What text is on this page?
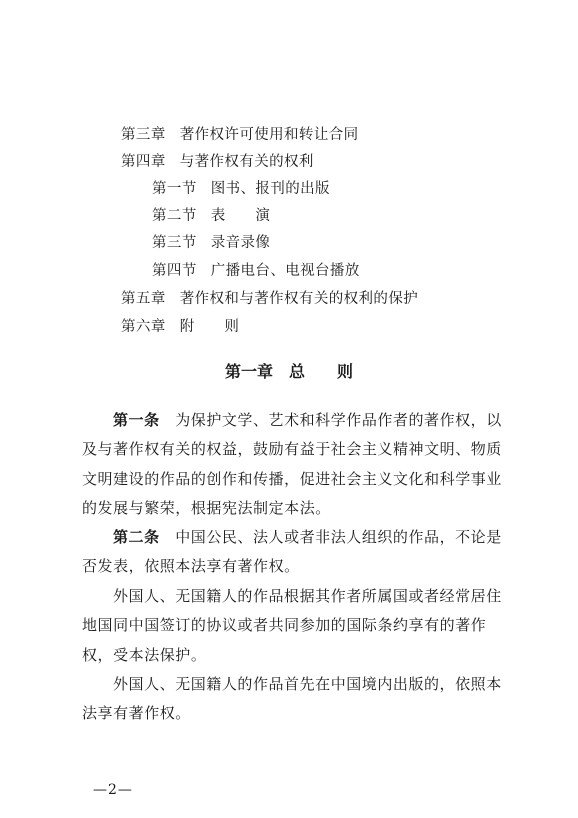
第三章 著作权许可使用和转让合同

第四章 与著作权有关的权利

第一节 图书、报刊的出版

第二节 表　　演

第三节 录音录像

第四节 广播电台、电视台播放

第五章 著作权和与著作权有关的权利的保护

第六章 附　　则

第一章　总　　则
第一条　 为保护文学、艺术和科学作品作者的著作权，以及与著作权有关的权益，鼓励有益于社会主义精神文明、物质文明建设的作品的创作和传播，促进社会主义文化和科学事业的发展与繁荣，根据宪法制定本法。
第二条　 中国公民、法人或者非法人组织的作品，不论是否发表，依照本法享有著作权。
外国人、无国籍人的作品根据其作者所属国或者经常居住地国同中国签订的协议或者共同参加的国际条约享有的著作权，受本法保护。
外国人、无国籍人的作品首先在中国境内出版的，依照本法享有著作权。
—2—
